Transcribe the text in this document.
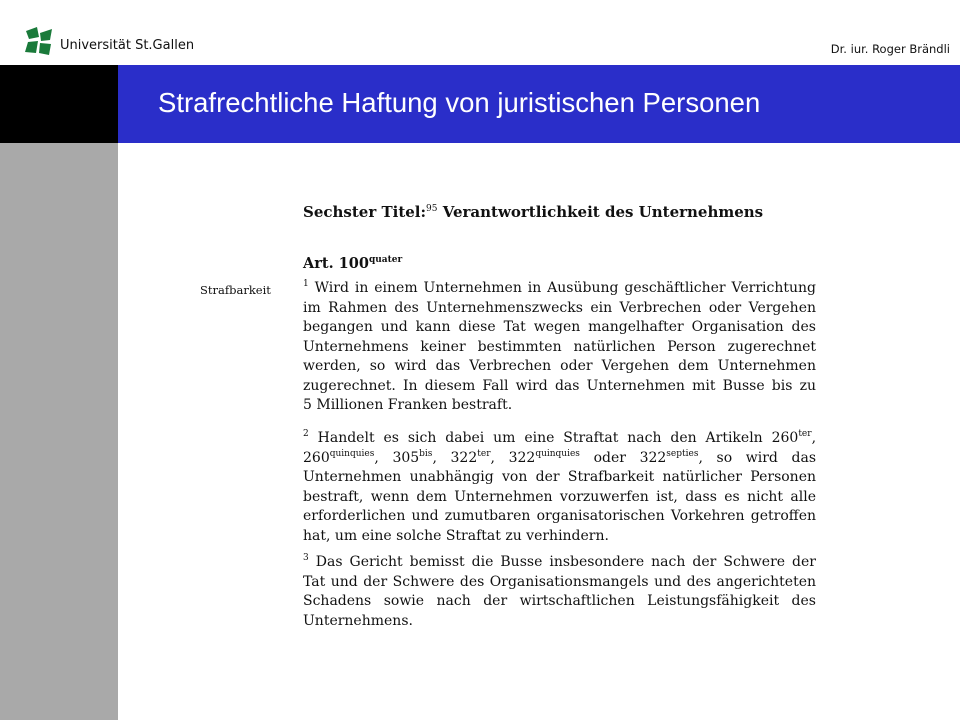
Universität St.Gallen	Dr. iur. Roger Brändli
Strafrechtliche Haftung von juristischen Personen

Sechster Titel:$^{95}$ Verantwortlichkeit des Unternehmens

Art. $100^{quater}$

Strafbarkeit	$^1$ Wird in einem Unternehmen in Ausübung geschäftlicher Verrichtung
im Rahmen des Unternehmenszwecks ein Verbrechen oder Vergehen
begangen und kann diese Tat wegen mangelhafter Organisation des
Unternehmens keiner bestimmten natürlichen Person zugerechnet
werden, so wird das Verbrechen oder Vergehen dem Unternehmen
zugerechnet. In diesem Fall wird das Unternehmen mit Busse bis zu
5 Millionen Franken bestraft.
$^2$ Handelt es sich dabei um eine Straftat nach den Artikeln $260^{ter}$,
$260^{quinquies}$, $305^{bis}$, $322^{ter}$, $322^{quinquies}$ oder $322^{septies}$, so wird das
Unternehmen unabhängig von der Strafbarkeit natürlicher Personen
bestraft, wenn dem Unternehmen vorzuwerfen ist, dass es nicht alle
erforderlichen und zumutbaren organisatorischen Vorkehren getroffen
hat, um eine solche Straftat zu verhindern.
$^3$ Das Gericht bemisst die Busse insbesondere nach der Schwere der
Tat und der Schwere des Organisationsmangels und des angerichteten
Schadens sowie nach der wirtschaftlichen Leistungsfähigkeit des
Unternehmens.
